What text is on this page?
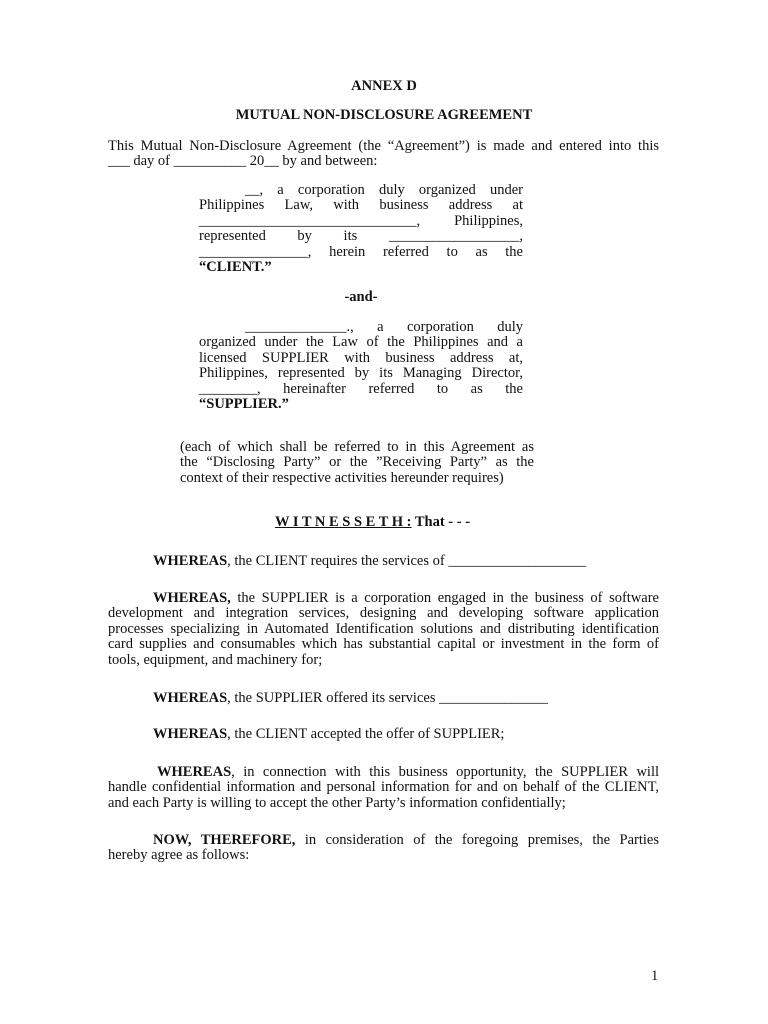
ANNEX D
MUTUAL NON-DISCLOSURE AGREEMENT
This Mutual Non-Disclosure Agreement (the “Agreement”) is made and entered into this
___ day of __________ 20__ by and between:
__, a corporation duly organized under
Philippines Law, with business address at
______________________________, Philippines,
represented by its __________________,
_______________, herein referred to as the
“CLIENT.”
-and-
______________., a corporation duly
organized under the Law of the Philippines and a
licensed SUPPLIER with business address at,
Philippines, represented by its Managing Director,
________, hereinafter referred to as the
“SUPPLIER.”
(each of which shall be referred to in this Agreement as
the “Disclosing Party” or the ”Receiving Party” as the
context of their respective activities hereunder requires)
W I T N E S S E T H : That - - -
WHEREAS, the CLIENT requires the services of ___________________
WHEREAS, the SUPPLIER is a corporation engaged in the business of software
development and integration services, designing and developing software application
processes specializing in Automated Identification solutions and distributing identification
card supplies and consumables which has substantial capital or investment in the form of
tools, equipment, and machinery for;
WHEREAS, the SUPPLIER offered its services _______________
WHEREAS, the CLIENT accepted the offer of SUPPLIER;
WHEREAS, in connection with this business opportunity, the SUPPLIER will
handle confidential information and personal information for and on behalf of the CLIENT,
and each Party is willing to accept the other Party’s information confidentially;
NOW, THEREFORE, in consideration of the foregoing premises, the Parties
hereby agree as follows:
1
